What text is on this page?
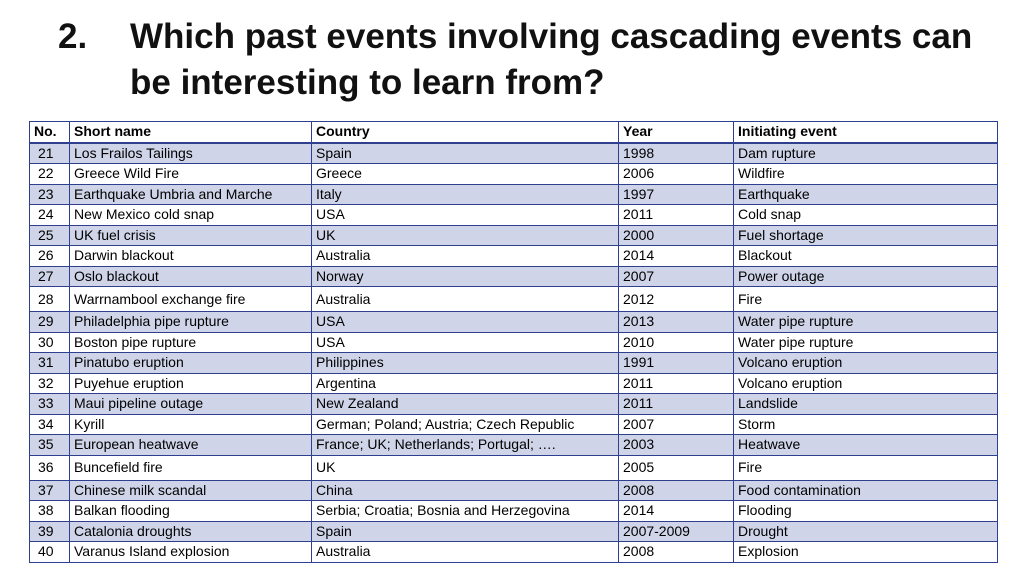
2.	Which past events involving cascading events can be interesting to learn from?
No.	Short name	Country	Year	Initiating event
21	Los Frailos Tailings	Spain	1998	Dam rupture
22	Greece Wild Fire	Greece	2006	Wildfire
23	Earthquake Umbria and Marche	Italy	1997	Earthquake
24	New Mexico cold snap	USA	2011	Cold snap
25	UK fuel crisis	UK	2000	Fuel shortage
26	Darwin blackout	Australia	2014	Blackout
27	Oslo blackout	Norway	2007	Power outage
28	Warrnambool exchange fire	Australia	2012	Fire
29	Philadelphia pipe rupture	USA	2013	Water pipe rupture
30	Boston pipe rupture	USA	2010	Water pipe rupture
31	Pinatubo eruption	Philippines	1991	Volcano eruption
32	Puyehue eruption	Argentina	2011	Volcano eruption
33	Maui pipeline outage	New Zealand	2011	Landslide
34	Kyrill	German; Poland; Austria; Czech Republic	2007	Storm
35	European heatwave	France; UK; Netherlands; Portugal; ….	2003	Heatwave
36	Buncefield fire	UK	2005	Fire
37	Chinese milk scandal	China	2008	Food contamination
38	Balkan flooding	Serbia; Croatia; Bosnia and Herzegovina	2014	Flooding
39	Catalonia droughts	Spain	2007-2009	Drought
40	Varanus Island explosion	Australia	2008	Explosion
